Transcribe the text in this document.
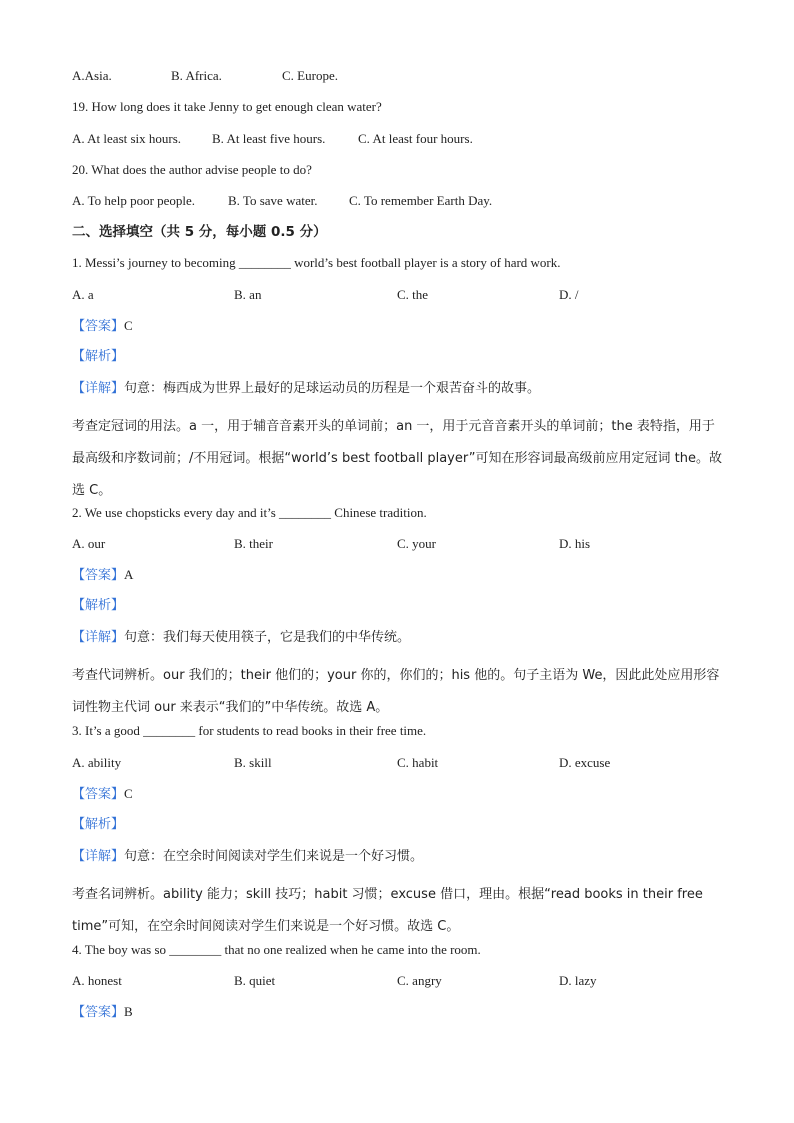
A.Asia.	B. Africa.	C. Europe.
19. How long does it take Jenny to get enough clean water?
A. At least six hours.	B. At least five hours.	C. At least four hours.
20. What does the author advise people to do?
A. To help poor people.	B. To save water.	C. To remember Earth Day.
二、选择填空（共 5 分，每小题 0.5 分）
1. Messi’s journey to becoming ________ world’s best football player is a story of hard work.
A. a	B. an	C. the	D. /
【答案】C
【解析】
【详解】句意：梅西成为世界上最好的足球运动员的历程是一个艰苦奋斗的故事。
考查定冠词的用法。a 一，用于辅音音素开头的单词前；an 一，用于元音音素开头的单词前；the 表特指，用于最高级和序数词前；/不用冠词。根据“world’s best football player”可知在形容词最高级前应用定冠词 the。故选 C。
2. We use chopsticks every day and it’s ________ Chinese tradition.
A. our	B. their	C. your	D. his
【答案】A
【解析】
【详解】句意：我们每天使用筷子，它是我们的中华传统。
考查代词辨析。our 我们的；their 他们的；your 你的，你们的；his 他的。句子主语为 We，因此此处应用形容词性物主代词 our 来表示“我们的”中华传统。故选 A。
3. It’s a good ________ for students to read books in their free time.
A. ability	B. skill	C. habit	D. excuse
【答案】C
【解析】
【详解】句意：在空余时间阅读对学生们来说是一个好习惯。
考查名词辨析。ability 能力；skill 技巧；habit 习惯；excuse 借口，理由。根据“read books in their free time”可知，在空余时间阅读对学生们来说是一个好习惯。故选 C。
4. The boy was so ________ that no one realized when he came into the room.
A. honest	B. quiet	C. angry	D. lazy
【答案】B
